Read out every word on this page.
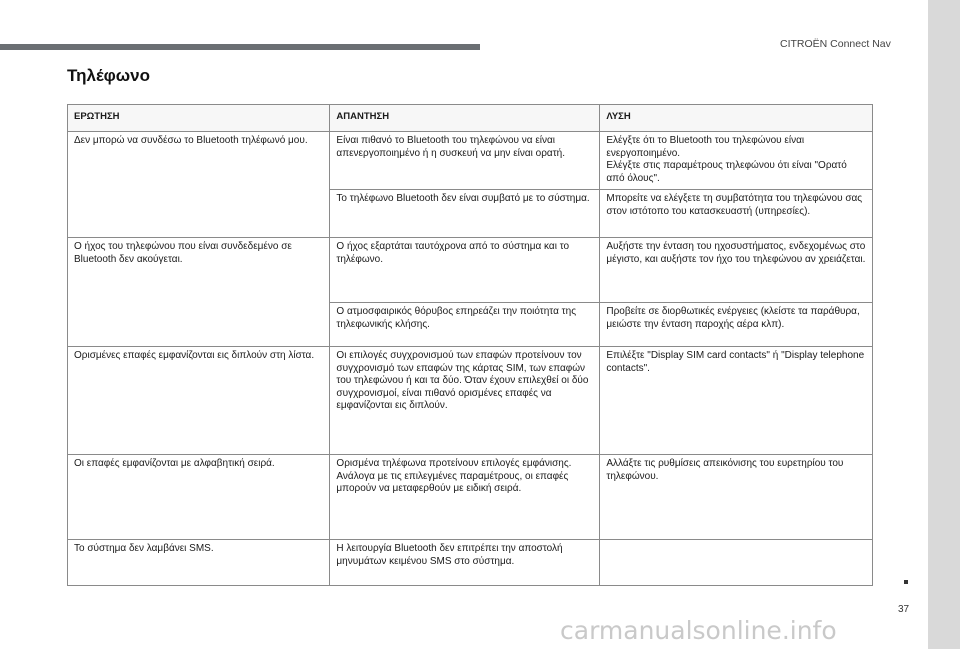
CITROËN Connect Nav
37
Τηλέφωνο
ΕΡΩΤΗΣΗ	ΑΠΑΝΤΗΣΗ	ΛΥΣΗ
Δεν μπορώ να συνδέσω το Bluetooth τηλέφωνό μου.	Είναι πιθανό το Bluetooth του τηλεφώνου να είναι απενεργοποιημένο ή η συσκευή να μην είναι ορατή.	Ελέγξτε ότι το Bluetooth του τηλεφώνου είναι ενεργοποιημένο.
Ελέγξτε στις παραμέτρους τηλεφώνου ότι είναι "Ορατό από όλους".
	Το τηλέφωνο Bluetooth δεν είναι συμβατό με το σύστημα.	Μπορείτε να ελέγξετε τη συμβατότητα του τηλεφώνου σας στον ιστότοπο του κατασκευαστή (υπηρεσίες).
Ο ήχος του τηλεφώνου που είναι συνδεδεμένο σε Bluetooth δεν ακούγεται.	Ο ήχος εξαρτάται ταυτόχρονα από το σύστημα και το τηλέφωνο.	Αυξήστε την ένταση του ηχοσυστήματος, ενδεχομένως στο μέγιστο, και αυξήστε τον ήχο του τηλεφώνου αν χρειάζεται.
	Ο ατμοσφαιρικός θόρυβος επηρεάζει την ποιότητα της τηλεφωνικής κλήσης.	Προβείτε σε διορθωτικές ενέργειες (κλείστε τα παράθυρα, μειώστε την ένταση παροχής αέρα κλπ).
Ορισμένες επαφές εμφανίζονται εις διπλούν στη λίστα.	Οι επιλογές συγχρονισμού των επαφών προτείνουν τον συγχρονισμό των επαφών της κάρτας SIM, των επαφών του τηλεφώνου ή και τα δύο. Όταν έχουν επιλεχθεί οι δύο συγχρονισμοί, είναι πιθανό ορισμένες επαφές να εμφανίζονται εις διπλούν.	Επιλέξτε "Display SIM card contacts" ή "Display telephone contacts".
Οι επαφές εμφανίζονται με αλφαβητική σειρά.	Ορισμένα τηλέφωνα προτείνουν επιλογές εμφάνισης. Ανάλογα με τις επιλεγμένες παραμέτρους, οι επαφές μπορούν να μεταφερθούν με ειδική σειρά.	Αλλάξτε τις ρυθμίσεις απεικόνισης του ευρετηρίου του τηλεφώνου.
Το σύστημα δεν λαμβάνει SMS.	Η λειτουργία Bluetooth δεν επιτρέπει την αποστολή μηνυμάτων κειμένου SMS στο σύστημα.	
carmanualsonline.info
